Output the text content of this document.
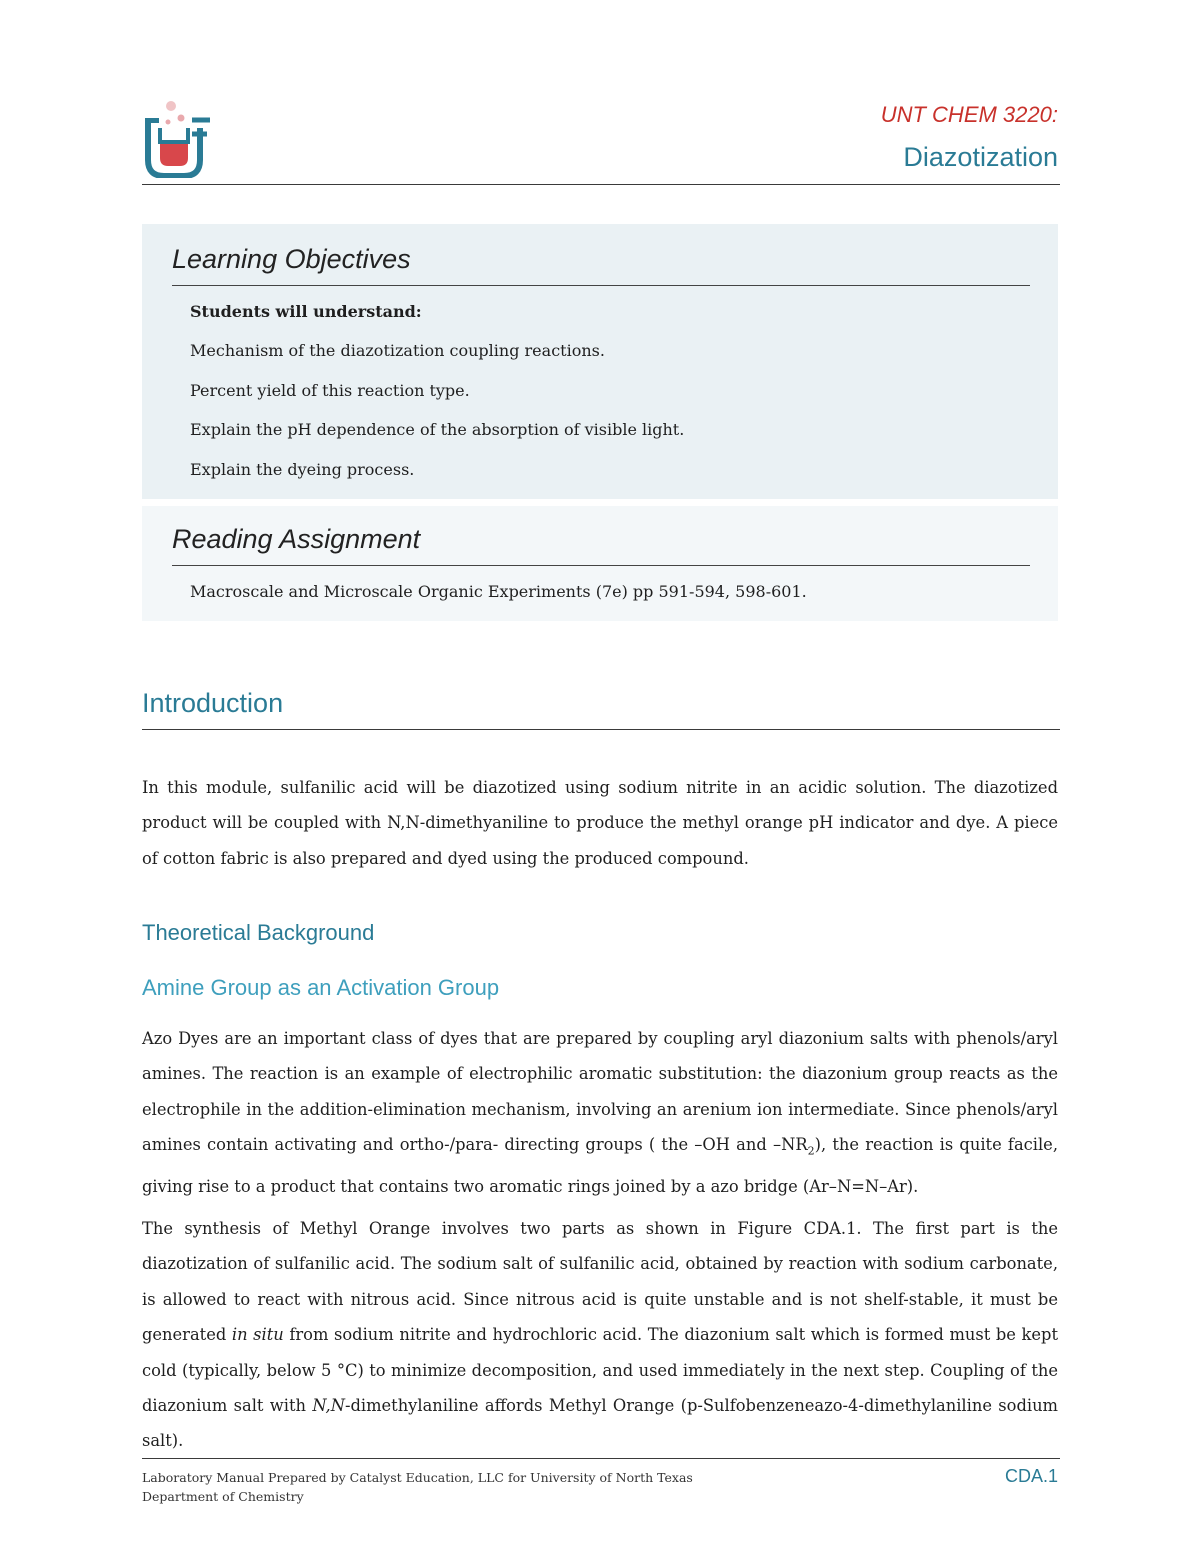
UNT CHEM 3220:
Diazotization
Learning Objectives
Students will understand:
Mechanism of the diazotization coupling reactions.
Percent yield of this reaction type.
Explain the pH dependence of the absorption of visible light.
Explain the dyeing process.
Reading Assignment
Macroscale and Microscale Organic Experiments (7e) pp 591-594, 598-601.
Introduction

In this module, sulfanilic acid will be diazotized using sodium nitrite in an acidic solution. The diazotized product will be coupled with N,N-dimethyaniline to produce the methyl orange pH indicator and dye. A piece of cotton fabric is also prepared and dyed using the produced compound.

Theoretical Background
Amine Group as an Activation Group

Azo Dyes are an important class of dyes that are prepared by coupling aryl diazonium salts with phenols/aryl amines. The reaction is an example of electrophilic aromatic substitution: the diazonium group reacts as the electrophile in the addition-elimination mechanism, involving an arenium ion intermediate. Since phenols/aryl amines contain activating and ortho-/para- directing groups ( the –OH and $-NR_2$), the reaction is quite facile, giving rise to a product that contains two aromatic rings joined by a azo bridge (Ar–N=N–Ar).

The synthesis of Methyl Orange involves two parts as shown in Figure CDA.1. The first part is the diazotization of sulfanilic acid. The sodium salt of sulfanilic acid, obtained by reaction with sodium carbonate, is allowed to react with nitrous acid. Since nitrous acid is quite unstable and is not shelf-stable, it must be generated in situ from sodium nitrite and hydrochloric acid. The diazonium salt which is formed must be kept cold (typically, below 5 °C) to minimize decomposition, and used immediately in the next step. Coupling of the diazonium salt with N,N-dimethylaniline affords Methyl Orange (p-Sulfobenzeneazo-4-dimethylaniline sodium salt).

Laboratory Manual Prepared by Catalyst Education, LLC for University of North Texas
Department of Chemistry
CDA.1
